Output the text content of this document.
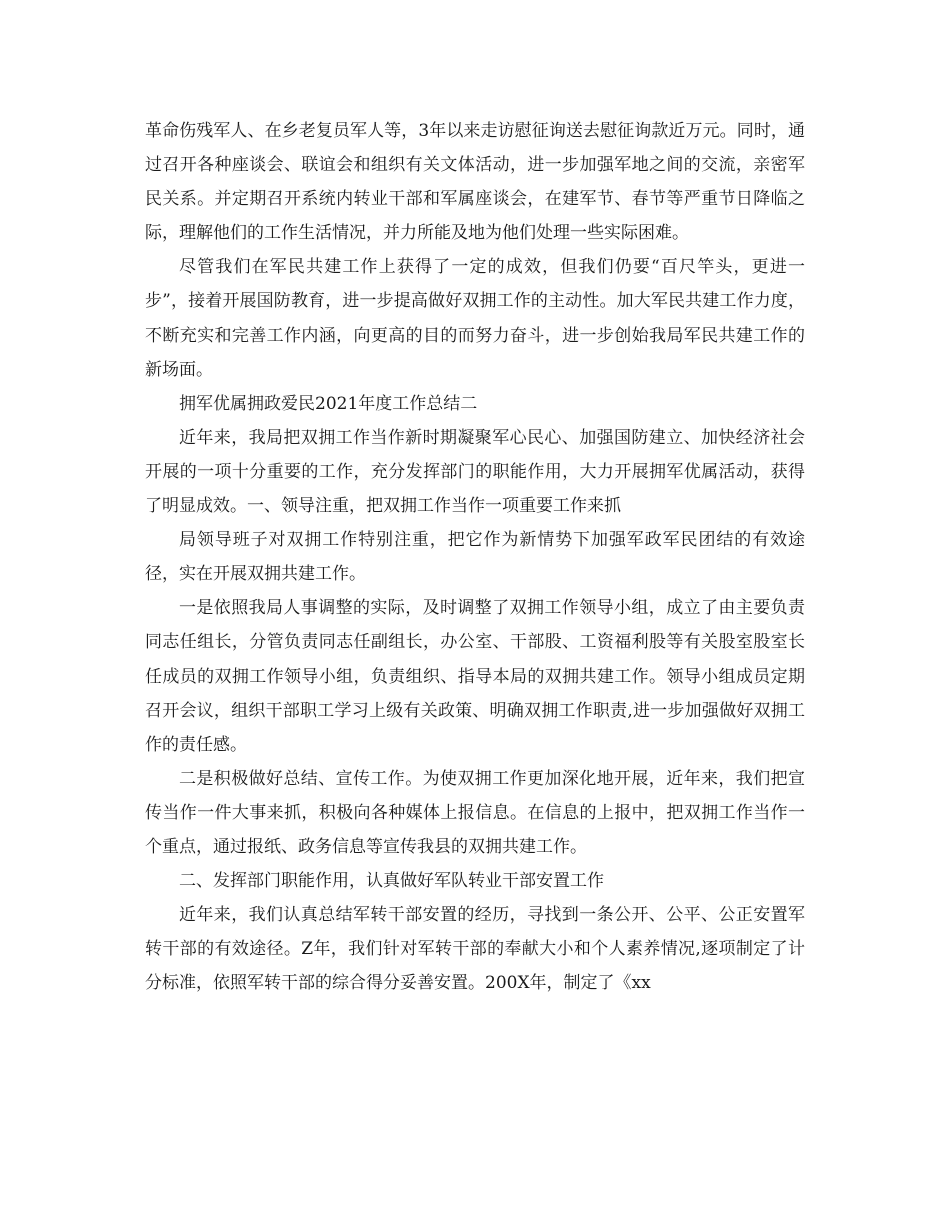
革命伤残军人、在乡老复员军人等，3年以来走访慰征询送去慰征询款近万元。同时，通过召开各种座谈会、联谊会和组织有关文体活动，进一步加强军地之间的交流，亲密军民关系。并定期召开系统内转业干部和军属座谈会，在建军节、春节等严重节日降临之际，理解他们的工作生活情况，并力所能及地为他们处理一些实际困难。

尽管我们在军民共建工作上获得了一定的成效，但我们仍要“百尺竿头，更进一步”，接着开展国防教育，进一步提高做好双拥工作的主动性。加大军民共建工作力度，不断充实和完善工作内涵，向更高的目的而努力奋斗，进一步创始我局军民共建工作的新场面。

拥军优属拥政爱民2021年度工作总结二

近年来，我局把双拥工作当作新时期凝聚军心民心、加强国防建立、加快经济社会开展的一项十分重要的工作，充分发挥部门的职能作用，大力开展拥军优属活动，获得了明显成效。一、领导注重，把双拥工作当作一项重要工作来抓

局领导班子对双拥工作特别注重，把它作为新情势下加强军政军民团结的有效途径，实在开展双拥共建工作。

一是依照我局人事调整的实际，及时调整了双拥工作领导小组，成立了由主要负责同志任组长，分管负责同志任副组长，办公室、干部股、工资福利股等有关股室股室长任成员的双拥工作领导小组，负责组织、指导本局的双拥共建工作。领导小组成员定期召开会议，组织干部职工学习上级有关政策、明确双拥工作职责,进一步加强做好双拥工作的责任感。

二是积极做好总结、宣传工作。为使双拥工作更加深化地开展，近年来，我们把宣传当作一件大事来抓，积极向各种媒体上报信息。在信息的上报中，把双拥工作当作一个重点，通过报纸、政务信息等宣传我县的双拥共建工作。

二、发挥部门职能作用，认真做好军队转业干部安置工作

近年来，我们认真总结军转干部安置的经历，寻找到一条公开、公平、公正安置军转干部的有效途径。Z年，我们针对军转干部的奉献大小和个人素养情况,逐项制定了计分标准，依照军转干部的综合得分妥善安置。200X年，制定了《xx
